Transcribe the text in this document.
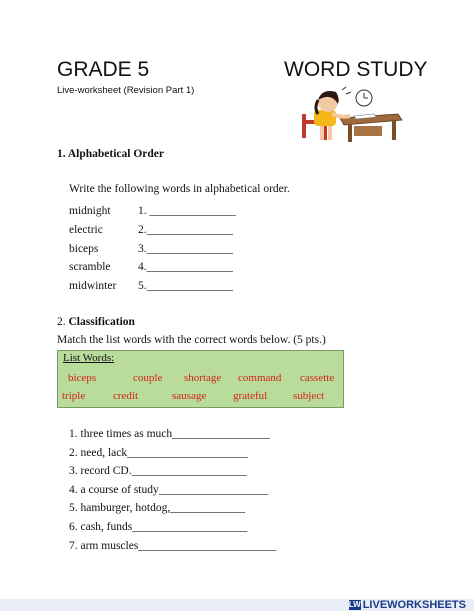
GRADE 5	WORD STUDY
Live-worksheet (Revision Part 1)
1. Alphabetical Order
Write the following words in alphabetical order.
midnight 1. _______________
electric	2._______________
biceps	3._______________
scramble 4._______________
midwinter 5._______________
2. Classification
Match the list words with the correct words below. (5 pts.)
List Words:
biceps	couple shortage command cassette
triple	credit	sausage grateful subject
1. three times as much_________________
2. need, lack_____________________
3. record CD.____________________
4. a course of study___________________
5. hamburger, hotdog,_____________
6. cash, funds____________________
7. arm muscles________________________
LW LIVEWORKSHEETS
